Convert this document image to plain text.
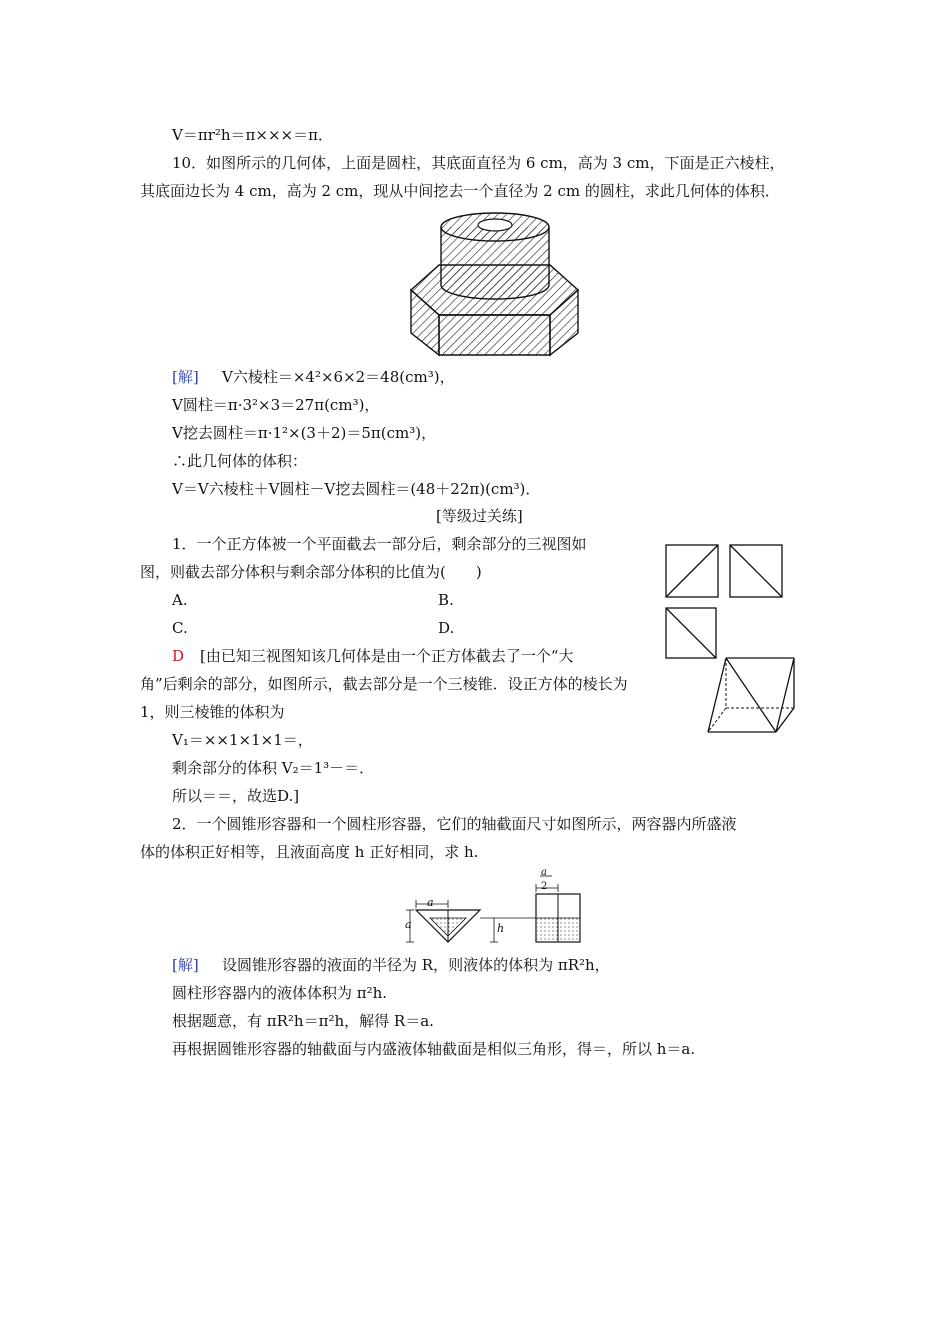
V＝πr²h＝π×××＝π．
10．如图所示的几何体，上面是圆柱，其底面直径为 6 cm，高为 3 cm，下面是正六棱柱，
其底面边长为 4 cm，高为 2 cm，现从中间挖去一个直径为 2 cm 的圆柱，求此几何体的体积．
[解] V六棱柱＝×4²×6×2＝48(cm³)，
V圆柱＝π·3²×3＝27π(cm³)，
V挖去圆柱＝π·1²×(3＋2)＝5π(cm³)，
∴此几何体的体积：
V＝V六棱柱＋V圆柱－V挖去圆柱＝(48＋22π)(cm³)．
[等级过关练]
1．一个正方体被一个平面截去一部分后，剩余部分的三视图如
图，则截去部分体积与剩余部分体积的比值为(　　)
A.	B.
C.	D.
D [由已知三视图知该几何体是由一个正方体截去了一个“大
角”后剩余的部分，如图所示，截去部分是一个三棱锥．设正方体的棱长为
1，则三棱锥的体积为
V₁＝××1×1×1＝，
剩余部分的体积 V₂＝1³－＝．
所以＝＝，故选D.]
2．一个圆锥形容器和一个圆柱形容器，它们的轴截面尺寸如图所示，两容器内所盛液
体的体积正好相等，且液面高度 h 正好相同，求 h.
a
a	h
a
2
[解] 设圆锥形容器的液面的半径为 R，则液体的体积为 πR²h，
圆柱形容器内的液体体积为 π²h.
根据题意，有 πR²h＝π²h，解得 R＝a.
再根据圆锥形容器的轴截面与内盛液体轴截面是相似三角形，得＝，所以 h＝a.
